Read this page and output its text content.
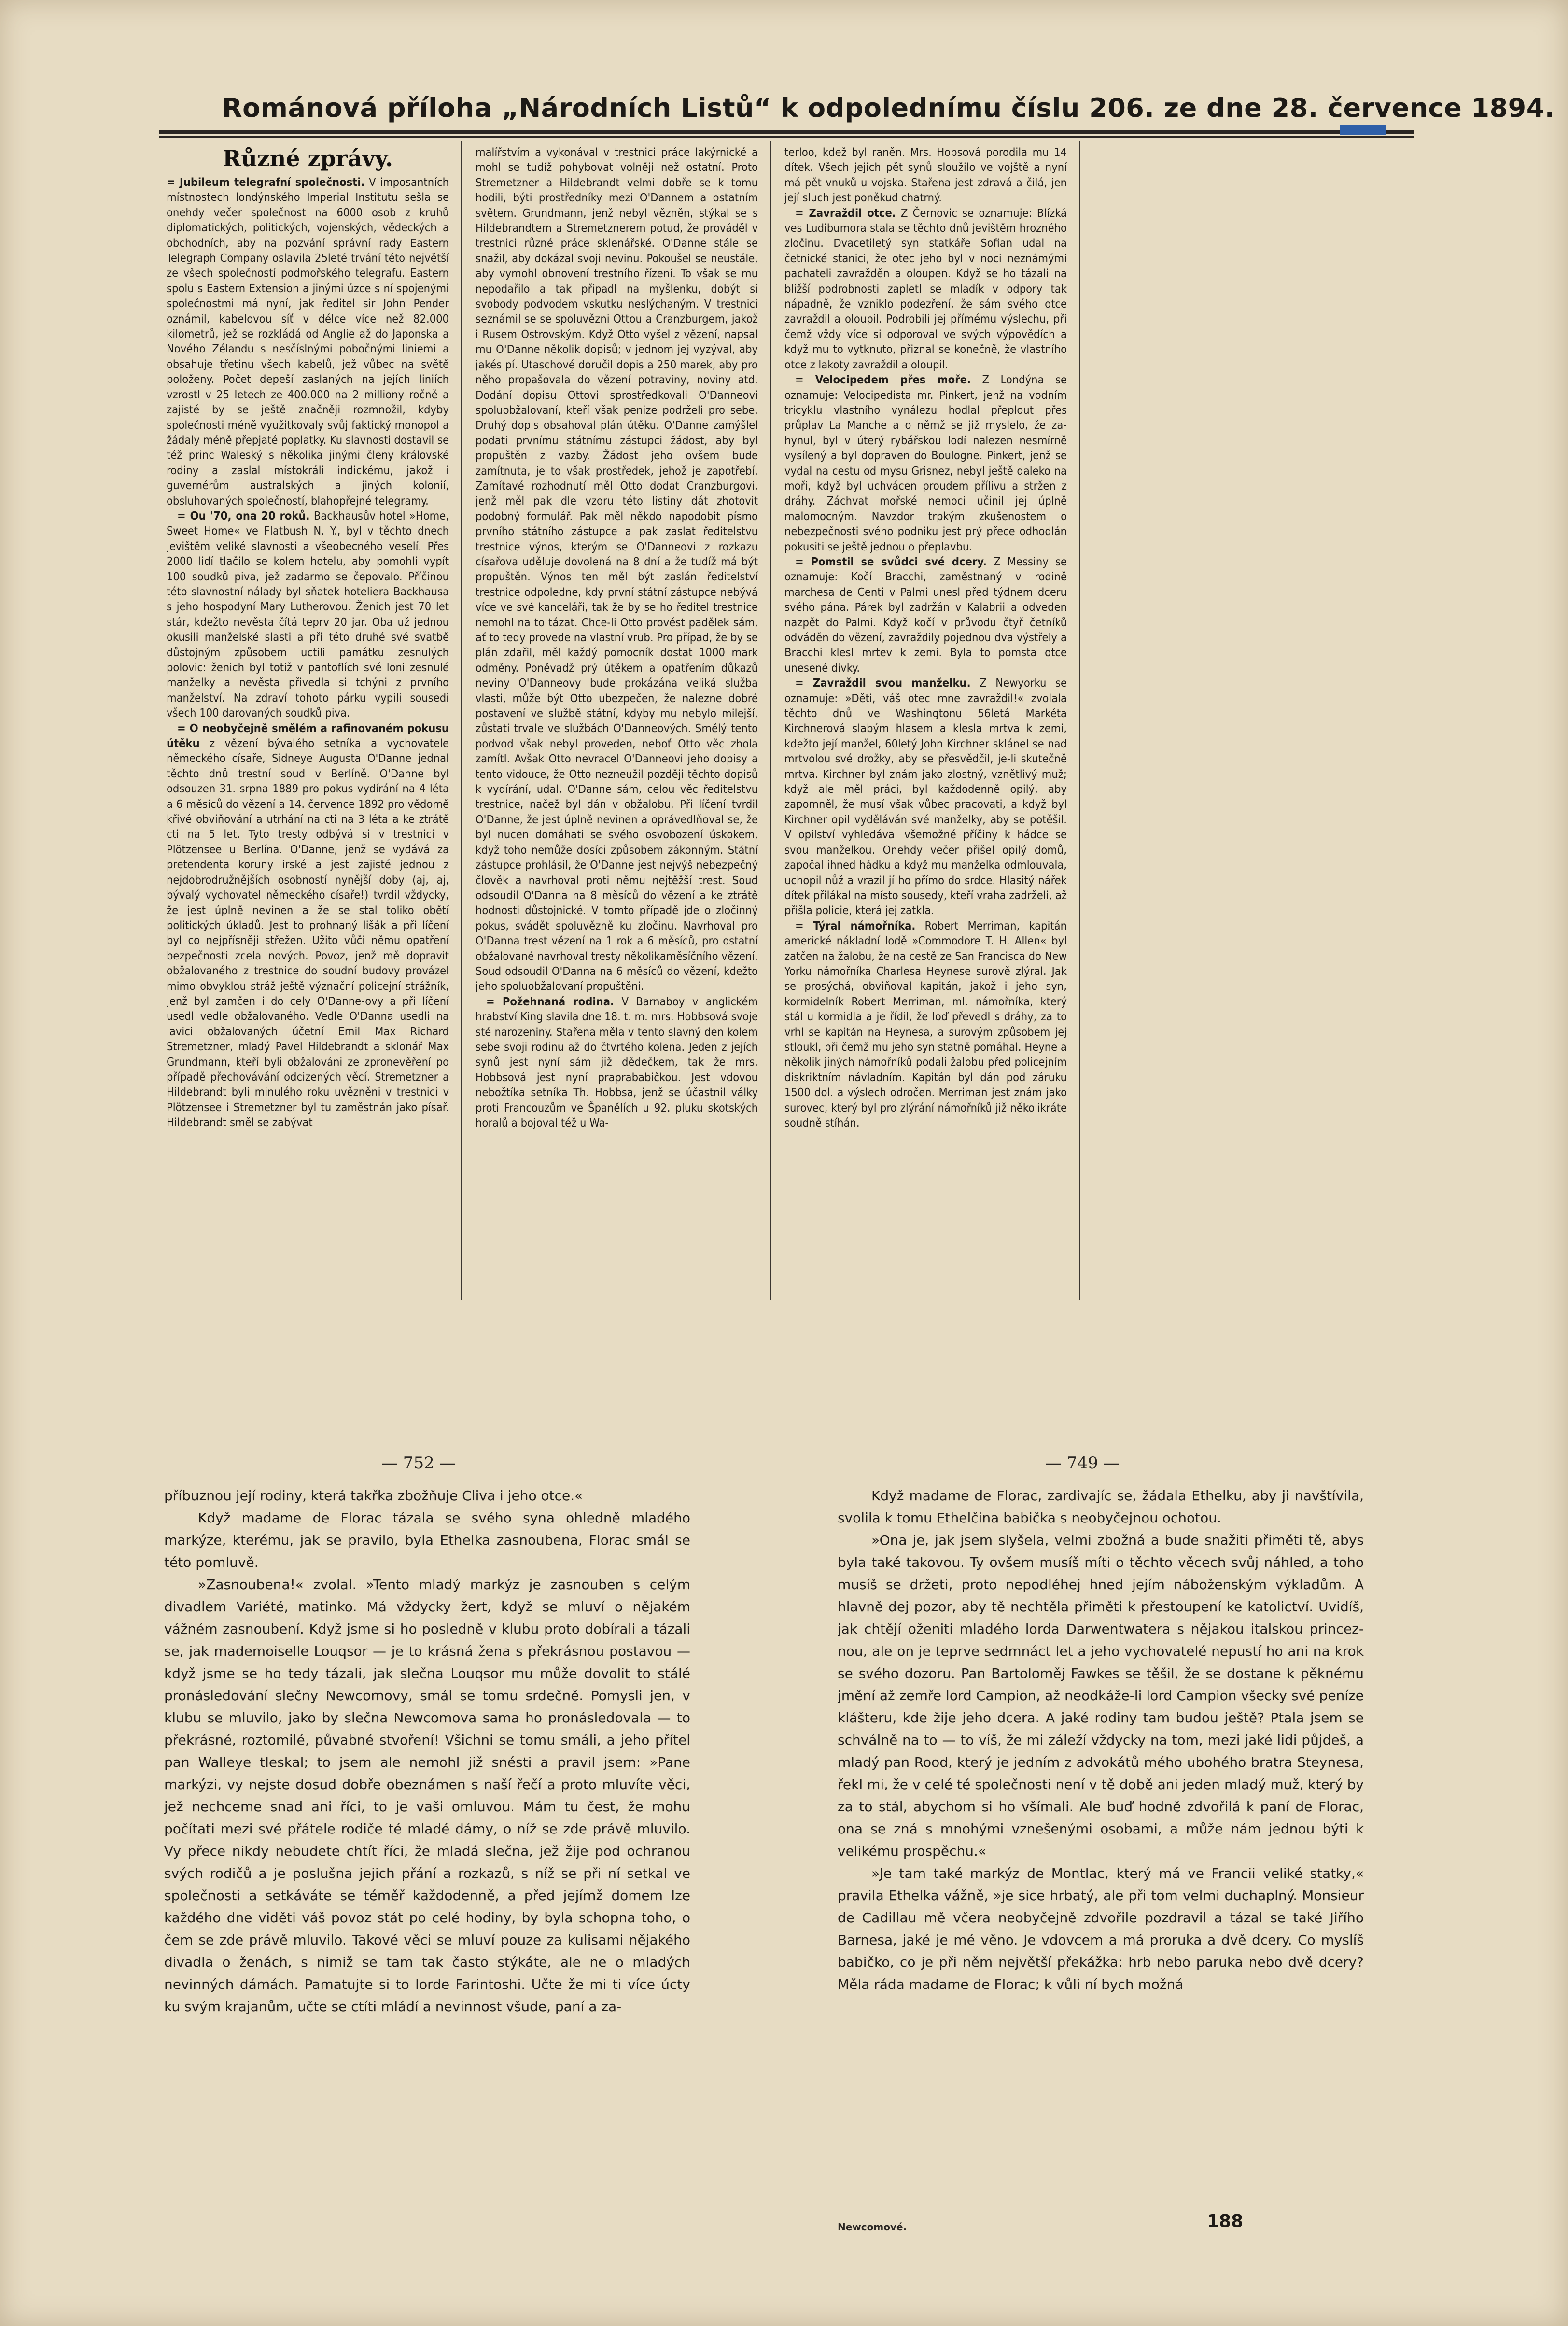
Románová příloha „Národních Listů“ k odpolednímu číslu 206. ze dne 28. července 1894.
Různé zprávy.

= Jubileum telegrafní společnosti. V imposantních místnostech londýnského Imperial Institutu sešla se onehdy večer společnost na 6000 osob z kruhů diplomatických, politických, vojenských, vědeckých a obchodních, aby na pozvání správní rady Eastern Telegraph Company oslavila 25leté trvání této největší ze všech společností podmořského telegrafu. Eastern spolu s Eastern Extension a jinými úzce s ní spojenými společnostmi má nyní, jak ředitel sir John Pender oznámil, kabelovou síť v délce více než 82.000 kilometrů, jež se rozkládá od Anglie až do Japonska a Nového Zélandu s nesčíslnými pobočnými liniemi a obsahuje třetinu všech kabelů, jež vůbec na světě položeny. Počet depeší zaslaných na jejích liniích vzrostl v 25 letech ze 400.000 na 2 milliony ročně a zajisté by se ještě značněji rozmnožil, kdyby společnosti méně využitkovaly svůj faktický monopol a žádaly méně přepjaté poplatky. Ku slavnosti dostavil se též princ Waleský s několika jinými členy královské rodiny a zaslal místokráli indickému, jakož i guvernérům australských a jiných kolonií, obsluhovaných společností, blahopřejné telegramy.

= Ou '70, ona 20 roků. Backhausův hotel »Home, Sweet Home« ve Flatbush N. Y., byl v těchto dnech jevištěm veliké slavnosti a všeobecného veselí. Přes 2000 lidí tlačilo se kolem hotelu, aby pomohli vypít 100 soudků piva, jež zadarmo se čepovalo. Příčinou této slavnostní nálady byl sňatek hoteliera Backhausa s jeho hospodyní Mary Lutherovou. Ženich jest 70 let stár, kdežto nevěsta čítá teprv 20 jar. Oba už jednou okusili manželské slasti a při této druhé své svatbě důstojným způsobem uctili památku zesnulých polovic: ženich byl totiž v pantoflích své loni zesnulé manželky a nevěsta přivedla si tchýni z prvního manželství. Na zdraví tohoto párku vypili sousedi všech 100 darovaných soudků piva.

= O neobyčejně smělém a rafinovaném pokusu útěku z vězení bývalého setníka a vychovatele německého císaře, Sidneye Augusta O'Danne jednal těchto dnů trestní soud v Berlíně. O'Danne byl odsouzen 31. srpna 1889 pro pokus vydírání na 4 léta a 6 měsíců do vězení a 14. července 1892 pro vědomě křivé obviňování a utrhání na cti na 3 léta a ke ztrátě cti na 5 let. Tyto tresty odbývá si v trestnici v Plötzensee u Berlína. O'Danne, jenž se vydává za pretendenta koruny irské a jest zajisté jednou z nejdobrodružnějších osobností nynější doby (aj, aj, bývalý vychovatel německého císaře!) tvrdil vždycky, že jest úplně nevinen a že se stal toliko obětí politických úkladů. Jest to prohnaný lišák a při líčení byl co nejpřísněji střežen. Užito vůči němu opatření bezpečnosti zcela nových. Povoz, jenž mě dopravit obžalovaného z trestnice do soudní budovy provázel mimo obvyklou stráž ještě význační policejní strážník, jenž byl zamčen i do cely O'Danne-ovy a při líčení usedl vedle obžalovaného. Vedle O'Danna usedli na lavici obžalovaných účetní Emil Max Richard Stremetzner, mladý Pavel Hildebrandt a sklonář Max Grundmann, kteří byli obžalováni ze zpronevěření po případě přechovávání odcizených věcí. Stremetzner a Hildebrandt byli minulého roku uvězněni v trestnici v Plötzensee i Stremetzner byl tu zaměstnán jako písař. Hildebrandt směl se zabývat

malířstvím a vykonával v trestnici práce lakýrnické a mohl se tudíž pohybovat volněji než ostatní. Proto Stremetzner a Hildebrandt velmi dobře se k tomu hodili, býti prostředníky mezi O'Dannem a ostatním světem. Grundmann, jenž nebyl vězněn, stýkal se s Hildebrandtem a Stremetznerem potud, že prováděl v trestnici různé práce sklenářské. O'Danne stále se snažil, aby dokázal svoji nevinu. Pokoušel se neustále, aby vymohl obnovení trestního řízení. To však se mu nepodařilo a tak připadl na myšlenku, dobýt si svobody podvodem vskutku neslýchaným. V trestnici seznámil se se spoluvězni Ottou a Cranzburgem, jakož i Rusem Ostrovským. Když Otto vyšel z vězení, napsal mu O'Danne několik dopisů; v jednom jej vyzýval, aby jakés pí. Utaschové doručil dopis a 250 marek, aby pro něho propašovala do vězení potraviny, noviny atd. Dodání dopisu Ottovi sprostředkovali O'Danneovi spoluobžalovaní, kteří však penize podrželi pro sebe. Druhý dopis obsahoval plán útěku. O'Danne zamýšlel podati prvnímu státnímu zástupci žádost, aby byl propuštěn z vazby. Žádost jeho ovšem bude zamítnuta, je to však prostředek, jehož je zapotřebí. Zamítavé rozhodnutí měl Otto dodat Cranzburgovi, jenž měl pak dle vzoru této listiny dát zhotovit podobný formulář. Pak měl někdo napodobit písmo prvního státního zástupce a pak zaslat ředitelstvu trestnice výnos, kterým se O'Danneovi z rozkazu císařova uděluje dovolená na 8 dní a že tudíž má být propuštěn. Výnos ten měl být zaslán ředitelství trestnice odpoledne, kdy první státní zástupce nebývá více ve své kanceláři, tak že by se ho ředitel trestnice nemohl na to tázat. Chce-li Otto provést padělek sám, ať to tedy provede na vlastní vrub. Pro případ, že by se plán zdařil, měl každý pomocník dostat 1000 mark odměny. Poněvadž prý útěkem a opatřením důkazů neviny O'Danneovy bude prokázána veliká služba vlasti, může být Otto ubezpečen, že nalezne dobré postavení ve službě státní, kdyby mu nebylo milejší, zůstati trvale ve službách O'Danneových. Smělý tento podvod však nebyl proveden, neboť Otto věc zhola zamítl. Avšak Otto nevracel O'Danneovi jeho dopisy a tento vidouce, že Otto nezneužil později těchto dopisů k vydírání, udal, O'Danne sám, celou věc ředitelstvu trestnice, načež byl dán v obžalobu. Při líčení tvrdil O'Danne, že jest úplně nevinen a oprávedlňoval se, že byl nucen domáhati se svého osvobození úskokem, když toho nemůže dosíci způsobem zákonným. Státní zástupce prohlásil, že O'Danne jest nejvýš nebezpečný člověk a navrhoval proti němu nejtěžší trest. Soud odsoudil O'Danna na 8 měsíců do vězení a ke ztrátě hodnosti důstojnické. V tomto případě jde o zločinný pokus, svádět spoluvězně ku zločinu. Navrhoval pro O'Danna trest vězení na 1 rok a 6 měsíců, pro ostatní obžalované navrhoval tresty několikaměsíčního vězení. Soud odsoudil O'Danna na 6 měsíců do vězení, kdežto jeho spoluobžalovaní propuštěni.

= Požehnaná rodina. V Barnaboy v anglickém hrabství King slavila dne 18. t. m. mrs. Hobbsová svoje sté narozeniny. Stařena měla v tento slavný den kolem sebe svoji rodinu až do čtvrtého kolena. Jeden z jejích synů jest nyní sám již dědečkem, tak že mrs. Hobbsová jest nyní praprababičkou. Jest vdovou nebožtíka setníka Th. Hobbsa, jenž se účastnil války proti Francouzům ve Španělích u 92. pluku skotských horalů a bojoval též u Wa-

terloo, kdež byl raněn. Mrs. Hobsová porodila mu 14 dítek. Všech jejich pět synů sloužilo ve vojště a nyní má pět vnuků u vojska. Stařena jest zdravá a čilá, jen její sluch jest poněkud chatrný.

= Zavraždil otce. Z Černovic se oznamuje: Blízká ves Ludibumora stala se těchto dnů jevištěm hrozného zločinu. Dvacetiletý syn statkáře Sofian udal na četnické stanici, že otec jeho byl v noci neznámými pachateli zavražděn a oloupen. Když se ho tázali na bližší podrobnosti zapletl se mladík v odpory tak nápadně, že vzniklo podezření, že sám svého otce zavraždil a oloupil. Podrobili jej přímému výslechu, při čemž vždy více si odporoval ve svých výpovědích a když mu to vytknuto, přiznal se konečně, že vlastního otce z lakoty zavraždil a oloupil.

= Velocipedem přes moře. Z Londýna se oznamuje: Velocipedista mr. Pinkert, jenž na vodním tricyklu vlastního vynálezu hodlal přeplout přes průplav La Manche a o němž se již myslelo, že zahynul, byl v úterý rybářskou lodí nalezen nesmírně vysílený a byl dopraven do Boulogne. Pinkert, jenž se vydal na cestu od mysu Grisnez, nebyl ještě daleko na moři, když byl uchvácen proudem přílivu a stržen z dráhy. Záchvat mořské nemoci učinil jej úplně malomocným. Navzdor trpkým zkušenostem o nebezpečnosti svého podniku jest prý přece odhodlán pokusiti se ještě jednou o přeplavbu.

= Pomstil se svůdci své dcery. Z Messiny se oznamuje: Kočí Bracchi, zaměstnaný v rodině marchesa de Centi v Palmi unesl před týdnem dceru svého pána. Párek byl zadržán v Kalabrii a odveden nazpět do Palmi. Když kočí v průvodu čtyř četníků odváděn do vězení, zavraždily pojednou dva výstřely a Bracchi klesl mrtev k zemi. Byla to pomsta otce unesené dívky.

= Zavraždil svou manželku. Z Newyorku se oznamuje: »Děti, váš otec mne zavraždil!« zvolala těchto dnů ve Washingtonu 56letá Markéta Kirchnerová slabým hlasem a klesla mrtva k zemi, kdežto její manžel, 60letý John Kirchner sklánel se nad mrtvolou své drožky, aby se přesvědčil, je-li skutečně mrtva. Kirchner byl znám jako zlostný, vznětlivý muž; když ale měl práci, byl každodenně opilý, aby zapomněl, že musí však vůbec pracovati, a když byl Kirchner opil vyděláván své manželky, aby se potěšil. V opilství vyhledával všemožné příčiny k hádce se svou manželkou. Onehdy večer přišel opilý domů, započal ihned hádku a když mu manželka odmlouvala, uchopil nůž a vrazil jí ho přímo do srdce. Hlasitý nářek dítek přilákal na místo sousedy, kteří vraha zadrželi, až přišla policie, která jej zatkla.

= Týral námořníka. Robert Merriman, kapitán americké nákladní lodě »Commodore T. H. Allen« byl zatčen na žalobu, že na cestě ze San Francisca do New Yorku námořníka Charlesa Heynese surově zlýral. Jak se prosýchá, obviňoval kapitán, jakož i jeho syn, kormidelník Robert Merriman, ml. námořníka, který stál u kormidla a je řídil, že loď převedl s dráhy, za to vrhl se kapitán na Heynesa, a surovým způsobem jej stloukl, při čemž mu jeho syn statně pomáhal. Heyne a několik jiných námořníků podali žalobu před policejním diskriktním návladním. Kapitán byl dán pod záruku 1500 dol. a výslech odročen. Merriman jest znám jako surovec, který byl pro zlýrání námořníků již několikráte soudně stíhán.

— 752 —	— 749 —

příbuznou její rodiny, která takřka zbožňuje Cliva i jeho otce.«

Když madame de Florac tázala se svého syna ohledně mladého markýze, kterému, jak se pravilo, byla Ethelka zasnoubena, Florac smál se této pomluvě.

»Zasnoubena!« zvolal. »Tento mladý markýz je zasnouben s celým divadlem Variété, matinko. Má vždycky žert, když se mluví o nějakém vážném zasnoubení. Když jsme si ho posledně v klubu proto dobírali a tázali se, jak mademoiselle Louqsor — je to krásná žena s překrásnou postavou — když jsme se ho tedy tázali, jak slečna Louqsor mu může dovolit to stálé pronásledování slečny Newcomovy, smál se tomu srdečně. Pomysli jen, v klubu se mluvilo, jako by slečna Newcomova sama ho pronásledovala — to překrásné, roztomilé, půvabné stvoření! Všichni se tomu smáli, a jeho přítel pan Walleye tleskal; to jsem ale nemohl již snésti a pravil jsem: »Pane markýzi, vy nejste dosud dobře obeznámen s naší řečí a proto mluvíte věci, jež nechceme snad ani říci, to je vaši omluvou. Mám tu čest, že mohu počítati mezi své přátele rodiče té mladé dámy, o níž se zde právě mluvilo. Vy přece nikdy nebudete chtít říci, že mladá slečna, jež žije pod ochranou svých rodičů a je poslušna jejich přání a rozkazů, s níž se při ní setkal ve společnosti a setkáváte se téměř každodenně, a před jejímž domem lze každého dne viděti váš povoz stát po celé hodiny, by byla schopna toho, o čem se zde právě mluvilo. Takové věci se mluví pouze za kulisami nějakého divadla o ženách, s nimiž se tam tak často stýkáte, ale ne o mladých nevinných dámách. Pamatujte si to lorde Farintoshi. Učte že mi ti více úcty ku svým krajanům, učte se ctíti mládí a nevinnost všude, paní a za-

Když madame de Florac, zardivajíc se, žádala Ethelku, aby ji navštívila, svolila k tomu Ethelčina babička s neobyčejnou ochotou.

»Ona je, jak jsem slyšela, velmi zbožná a bude snažiti přiměti tě, abys byla také takovou. Ty ovšem musíš míti o těchto věcech svůj náhled, a toho musíš se držeti, proto nepodléhej hned jejím náboženským výkladům. A hlavně dej pozor, aby tě nechtěla přiměti k přestoupení ke katolictví. Uvidíš, jak chtějí oženiti mladého lorda Darwentwatera s nějakou italskou princeznou, ale on je teprve sedmnáct let a jeho vychovatelé nepustí ho ani na krok se svého dozoru. Pan Bartoloměj Fawkes se těšil, že se dostane k pěknému jmění až zemře lord Campion, až neodkáže-li lord Campion všecky své peníze klášteru, kde žije jeho dcera. A jaké rodiny tam budou ještě? Ptala jsem se schválně na to — to víš, že mi záleží vždycky na tom, mezi jaké lidi půjdeš, a mladý pan Rood, který je jedním z advokátů mého ubohého bratra Steynesa, řekl mi, že v celé té společnosti není v tě době ani jeden mladý muž, který by za to stál, abychom si ho všímali. Ale buď hodně zdvořilá k paní de Florac, ona se zná s mnohými vznešenými osobami, a může nám jednou býti k velikému prospěchu.«

»Je tam také markýz de Montlac, který má ve Francii veliké statky,« pravila Ethelka vážně, »je sice hrbatý, ale při tom velmi duchaplný. Monsieur de Cadillau mě včera neobyčejně zdvořile pozdravil a tázal se také Jiřího Barnesa, jaké je mé věno. Je vdovcem a má proruka a dvě dcery. Co myslíš babičko, co je při něm největší překážka: hrb nebo paruka nebo dvě dcery? Měla ráda madame de Florac; k vůli ní bych možná

Newcomové.	188
